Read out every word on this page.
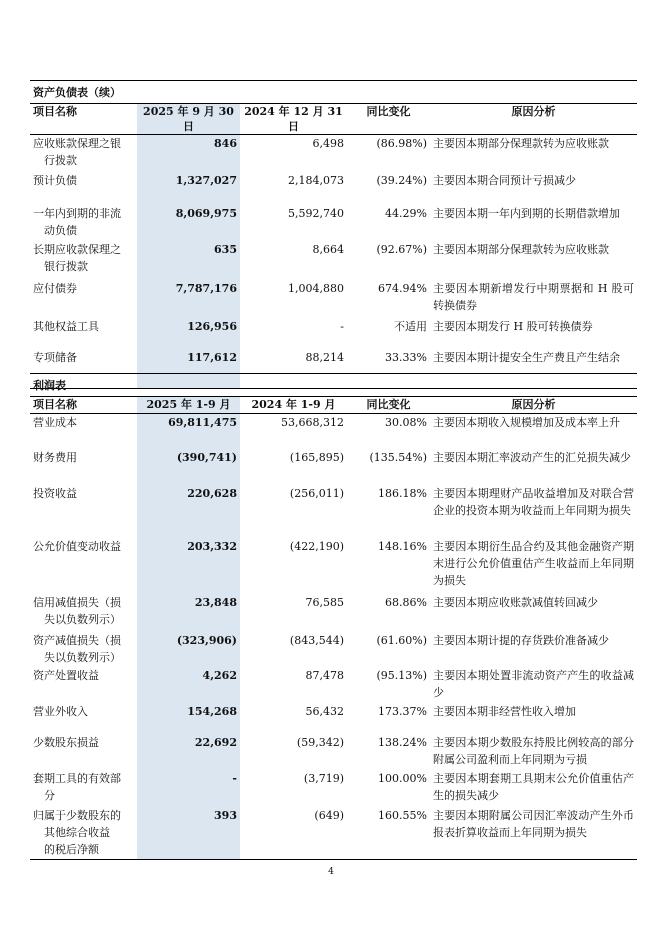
资产负债表（续）				
项目名称	2025 年 9 月 30 日	2024 年 12 月 31 日	同比变化	原因分析

应收账款保理之银
行拨款	846	6,498	(86.98%)	主要因本期部分保理款转为应收账款

预计负债	1,327,027	2,184,073	(39.24%)	主要因本期合同预计亏损减少

一年内到期的非流
动负债	8,069,975	5,592,740	44.29%	主要因本期一年内到期的长期借款增加

长期应收款保理之
银行拨款	635	8,664	(92.67%)	主要因本期部分保理款转为应收账款

应付债券	7,787,176	1,004,880	674.94%	主要因本期新增发行中期票据和 H 股可转换债券

其他权益工具	126,956	-	不适用	主要因本期发行 H 股可转换债券

专项储备	117,612	88,214	33.33%	主要因本期计提安全生产费且产生结余
利润表				
项目名称	2025 年 1-9 月	2024 年 1-9 月	同比变化	原因分析

营业成本	69,811,475	53,668,312	30.08%	主要因本期收入规模增加及成本率上升

财务费用	(390,741)	(165,895)	(135.54%)	主要因本期汇率波动产生的汇兑损失减少

投资收益	220,628	(256,011)	186.18%	主要因本期理财产品收益增加及对联合营企业的投资本期为收益而上年同期为损失

公允价值变动收益	203,332	(422,190)	148.16%	主要因本期衍生品合约及其他金融资产期末进行公允价值重估产生收益而上年同期为损失

信用减值损失（损
失以负数列示）	23,848	76,585	68.86%	主要因本期应收账款减值转回减少

资产减值损失（损
失以负数列示）	(323,906)	(843,544)	(61.60%)	主要因本期计提的存货跌价准备减少

资产处置收益	4,262	87,478	(95.13%)	主要因本期处置非流动资产产生的收益减少

营业外收入	154,268	56,432	173.37%	主要因本期非经营性收入增加

少数股东损益	22,692	(59,342)	138.24%	主要因本期少数股东持股比例较高的部分附属公司盈利而上年同期为亏损

套期工具的有效部
分	-	(3,719)	100.00%	主要因本期套期工具期末公允价值重估产生的损失减少

归属于少数股东的
其他综合收益
的税后净额	393	(649)	160.55%	主要因本期附属公司因汇率波动产生外币报表折算收益而上年同期为损失
4
